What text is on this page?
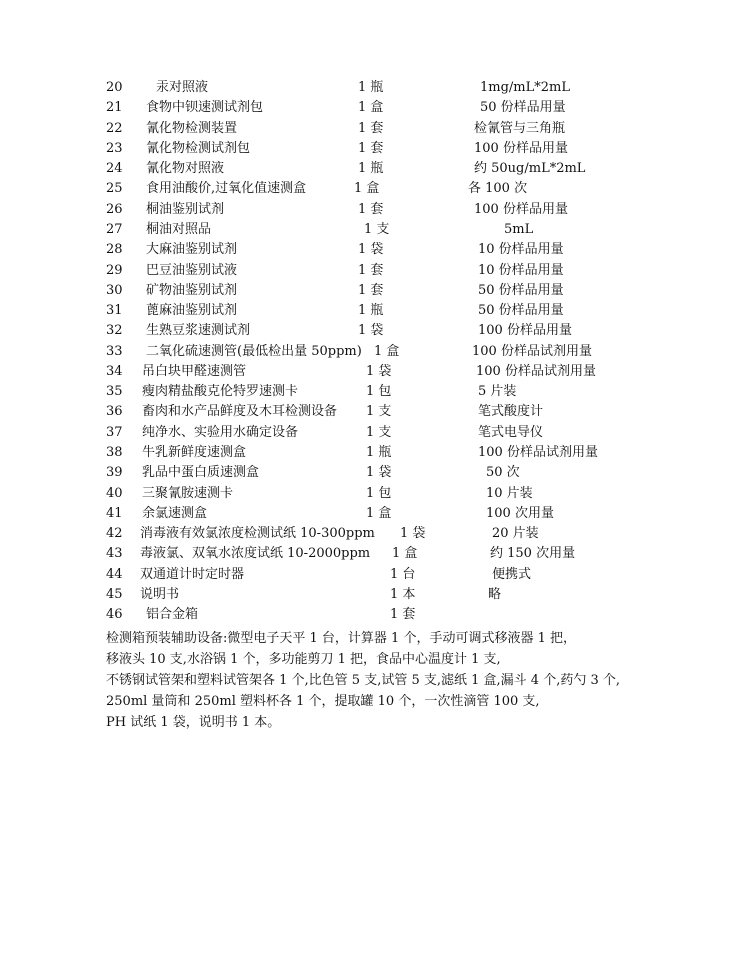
20	汞对照液	1 瓶	1mg/mL*2mL
21 食物中钡速测试剂包	1 盒	50 份样品用量
22 氰化物检测装置	1 套	检氰管与三角瓶
23 氰化物检测试剂包	1 套	100 份样品用量
24 氰化物对照液	1 瓶	约 50ug/mL*2mL
25 食用油酸价,过氧化值速测盒	1 盒	各 100 次
26 桐油鉴别试剂	1 套	100 份样品用量
27 桐油对照品	1 支	5mL
28 大麻油鉴别试剂	1 袋	10 份样品用量
29 巴豆油鉴别试液	1 套	10 份样品用量
30 矿物油鉴别试剂	1 套	50 份样品用量
31 蓖麻油鉴别试剂	1 瓶	50 份样品用量
32 生熟豆浆速测试剂	1 袋	100 份样品用量
33 二氧化硫速测管(最低检出量 50ppm) 1 盒	100 份样品试剂用量
34 吊白块甲醛速测管	1 袋	100 份样品试剂用量
35 瘦肉精盐酸克伦特罗速测卡	1 包	5 片装
36 畜肉和水产品鲜度及木耳检测设备 1 支	笔式酸度计
37 纯净水、实验用水确定设备	1 支	笔式电导仪
38 牛乳新鲜度速测盒	1 瓶	100 份样品试剂用量
39 乳品中蛋白质速测盒	1 袋	50 次
40 三聚氰胺速测卡	1 包	10 片装
41 余氯速测盒	1 盒	100 次用量
42 消毒液有效氯浓度检测试纸 10-300ppm 1 袋	20 片装
43 毒液氯、双氧水浓度试纸 10-2000ppm 1 盒	约 150 次用量
44 双通道计时定时器	1 台	便携式
45 说明书	1 本	略
46 铝合金箱	1 套

检测箱预装辅助设备:微型电子天平 1 台，计算器 1 个，手动可调式移液器 1 把，

移液头 10 支,水浴锅 1 个，多功能剪刀 1 把，食品中心温度计 1 支,

不锈钢试管架和塑料试管架各 1 个,比色管 5 支,试管 5 支,滤纸 1 盒,漏斗 4 个,药勺 3 个,

250ml 量筒和 250ml 塑料杯各 1 个，提取罐 10 个，一次性滴管 100 支,

PH 试纸 1 袋，说明书 1 本。
